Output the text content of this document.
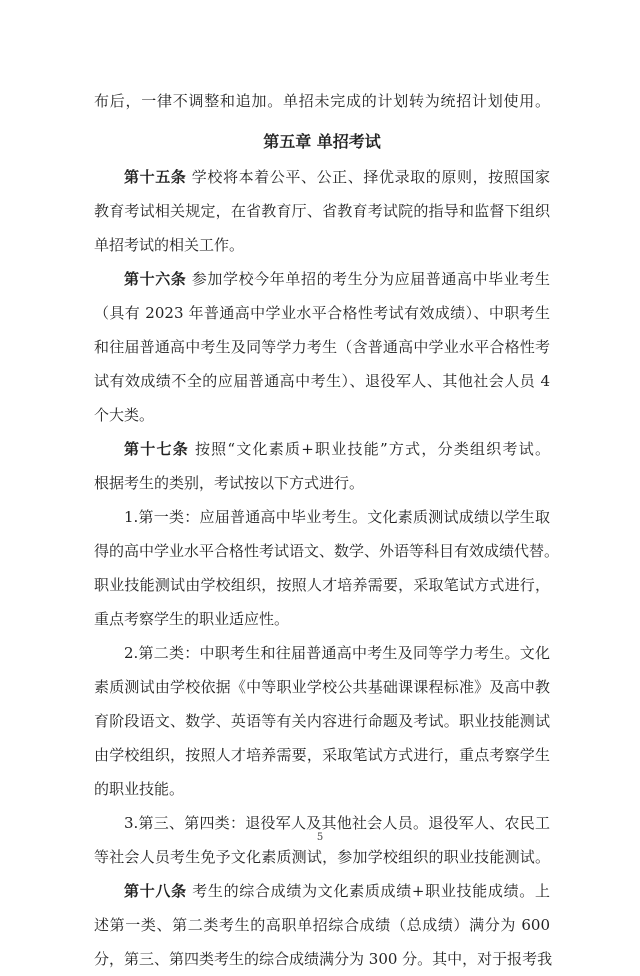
布后，一律不调整和追加。单招未完成的计划转为统招计划使用。
第五章 单招考试
第十五条 学校将本着公平、公正、择优录取的原则，按照国家
教育考试相关规定，在省教育厅、省教育考试院的指导和监督下组织
单招考试的相关工作。
第十六条 参加学校今年单招的考生分为应届普通高中毕业考生
（具有 2023 年普通高中学业水平合格性考试有效成绩）、中职考生
和往届普通高中考生及同等学力考生（含普通高中学业水平合格性考
试有效成绩不全的应届普通高中考生）、退役军人、其他社会人员 4
个大类。
第十七条 按照“文化素质+职业技能”方式，分类组织考试。
根据考生的类别，考试按以下方式进行。
1.第一类：应届普通高中毕业考生。文化素质测试成绩以学生取
得的高中学业水平合格性考试语文、数学、外语等科目有效成绩代替。
职业技能测试由学校组织，按照人才培养需要，采取笔试方式进行，
重点考察学生的职业适应性。
2.第二类：中职考生和往届普通高中考生及同等学力考生。文化
素质测试由学校依据《中等职业学校公共基础课课程标准》及高中教
育阶段语文、数学、英语等有关内容进行命题及考试。职业技能测试
由学校组织，按照人才培养需要，采取笔试方式进行，重点考察学生
的职业技能。
3.第三、第四类：退役军人及其他社会人员。退役军人、农民工
等社会人员考生免予文化素质测试，参加学校组织的职业技能测试。
第十八条 考生的综合成绩为文化素质成绩+职业技能成绩。上
述第一类、第二类考生的高职单招综合成绩（总成绩）满分为 600
分，第三、第四类考生的综合成绩满分为 300 分。其中，对于报考我
5
